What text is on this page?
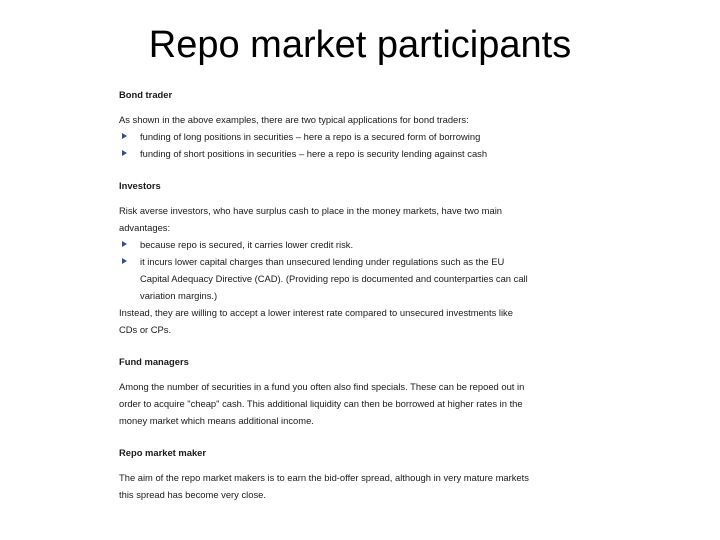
Repo market participants

Bond trader

As shown in the above examples, there are two typical applications for bond traders:

funding of long positions in securities – here a repo is a secured form of borrowing
funding of short positions in securities – here a repo is security lending against cash

Investors

Risk averse investors, who have surplus cash to place in the money markets, have two main advantages:

because repo is secured, it carries lower credit risk.
it incurs lower capital charges than unsecured lending under regulations such as the EU Capital Adequacy Directive (CAD). (Providing repo is documented and counterparties can call variation margins.)

Instead, they are willing to accept a lower interest rate compared to unsecured investments like CDs or CPs.

Fund managers

Among the number of securities in a fund you often also find specials. These can be repoed out in order to acquire "cheap" cash. This additional liquidity can then be borrowed at higher rates in the money market which means additional income.

Repo market maker

The aim of the repo market makers is to earn the bid-offer spread, although in very mature markets this spread has become very close.
